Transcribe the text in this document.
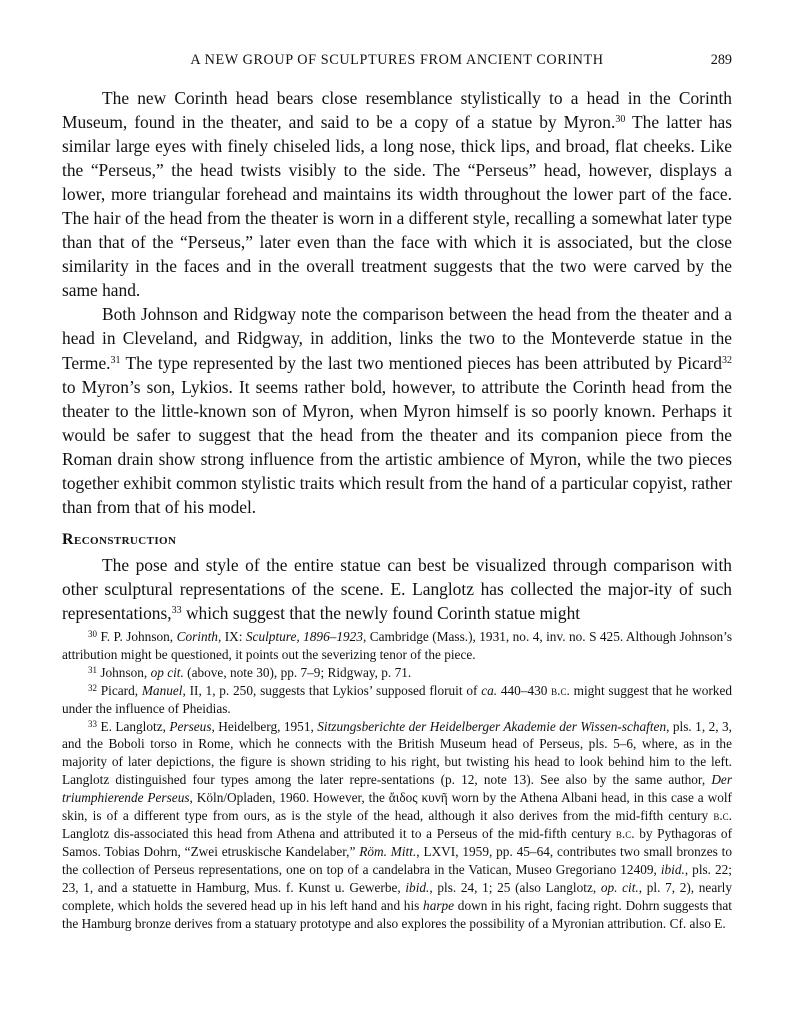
A NEW GROUP OF SCULPTURES FROM ANCIENT CORINTH	289

The new Corinth head bears close resemblance stylistically to a head in the Corinth Museum, found in the theater, and said to be a copy of a statue by Myron.$^{30}$ The latter has similar large eyes with finely chiseled lids, a long nose, thick lips, and broad, flat cheeks. Like the “Perseus,” the head twists visibly to the side. The “Perseus” head, however, displays a lower, more triangular forehead and maintains its width throughout the lower part of the face. The hair of the head from the theater is worn in a different style, recalling a somewhat later type than that of the “Perseus,” later even than the face with which it is associated, but the close similarity in the faces and in the overall treatment suggests that the two were carved by the same hand.

Both Johnson and Ridgway note the comparison between the head from the theater and a head in Cleveland, and Ridgway, in addition, links the two to the Monteverde statue in the Terme.$^{31}$ The type represented by the last two mentioned pieces has been attributed by Picard$^{32}$ to Myron’s son, Lykios. It seems rather bold, however, to attribute the Corinth head from the theater to the little-known son of Myron, when Myron himself is so poorly known. Perhaps it would be safer to suggest that the head from the theater and its companion piece from the Roman drain show strong influence from the artistic ambience of Myron, while the two pieces together exhibit common stylistic traits which result from the hand of a particular copyist, rather than from that of his model.

Reconstruction

The pose and style of the entire statue can best be visualized through comparison with other sculptural representations of the scene. E. Langlotz has collected the major-ity of such representations,$^{33}$ which suggest that the newly found Corinth statue might

$^{30}$ F. P. Johnson, Corinth, IX: Sculpture, 1896–1923, Cambridge (Mass.), 1931, no. 4, inv. no. S 425. Although Johnson’s attribution might be questioned, it points out the severizing tenor of the piece.

$^{31}$ Johnson, op cit. (above, note 30), pp. 7–9; Ridgway, p. 71.

$^{32}$ Picard, Manuel, II, 1, p. 250, suggests that Lykios’ supposed floruit of ca. 440–430 b.c. might suggest that he worked under the influence of Pheidias.

$^{33}$ E. Langlotz, Perseus, Heidelberg, 1951, Sitzungsberichte der Heidelberger Akademie der Wissen-schaften, pls. 1, 2, 3, and the Boboli torso in Rome, which he connects with the British Museum head of Perseus, pls. 5–6, where, as in the majority of later depictions, the figure is shown striding to his right, but twisting his head to look behind him to the left. Langlotz distinguished four types among the later repre-sentations (p. 12, note 13). See also by the same author, Der triumphierende Perseus, Köln/Opladen, 1960. However, the ἄιδος κυνῆ worn by the Athena Albani head, in this case a wolf skin, is of a different type from ours, as is the style of the head, although it also derives from the mid-fifth century b.c. Langlotz dis-associated this head from Athena and attributed it to a Perseus of the mid-fifth century b.c. by Pythagoras of Samos. Tobias Dohrn, “Zwei etruskische Kandelaber,” Röm. Mitt., LXVI, 1959, pp. 45–64, contributes two small bronzes to the collection of Perseus representations, one on top of a candelabra in the Vatican, Museo Gregoriano 12409, ibid., pls. 22; 23, 1, and a statuette in Hamburg, Mus. f. Kunst u. Gewerbe, ibid., pls. 24, 1; 25 (also Langlotz, op. cit., pl. 7, 2), nearly complete, which holds the severed head up in his left hand and his harpe down in his right, facing right. Dohrn suggests that the Hamburg bronze derives from a statuary prototype and also explores the possibility of a Myronian attribution. Cf. also E.
